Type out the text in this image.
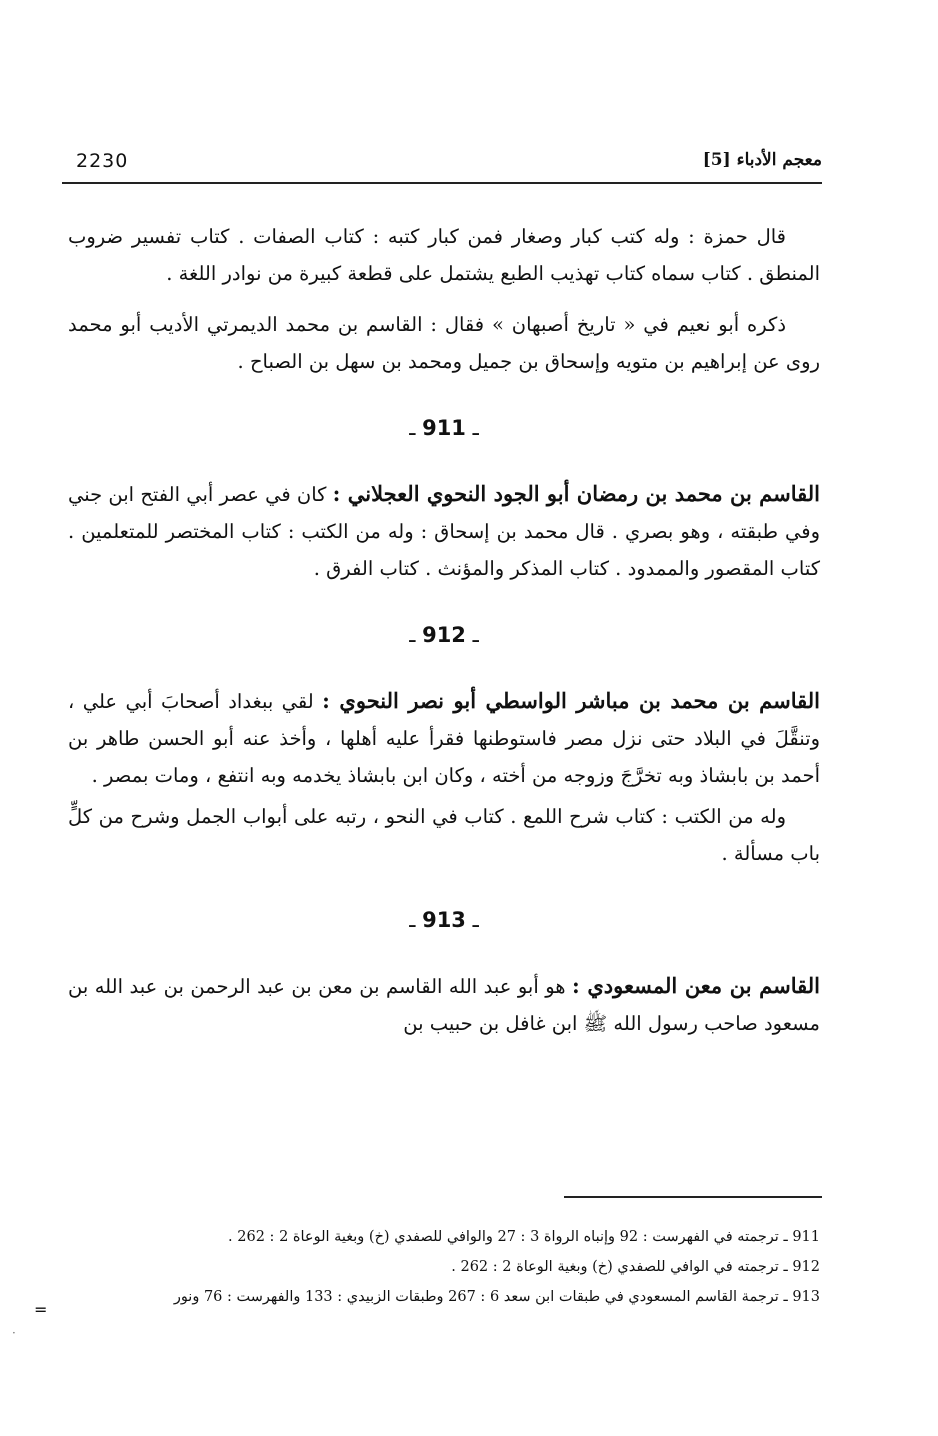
2230	معجم الأدباء [5]

قال حمزة : وله كتب كبار وصغار فمن كبار كتبه : كتاب الصفات . كتاب تفسير ضروب المنطق . كتاب سماه كتاب تهذيب الطبع يشتمل على قطعة كبيرة من نوادر اللغة .

ذكره أبو نعيم في « تاريخ أصبهان » فقال : القاسم بن محمد الديمرتي الأديب أبو محمد روى عن إبراهيم بن متويه وإسحاق بن جميل ومحمد بن سهل بن الصباح .

ـ 911 ـ

القاسم بن محمد بن رمضان أبو الجود النحوي العجلاني : كان في عصر أبي الفتح ابن جني وفي طبقته ، وهو بصري . قال محمد بن إسحاق : وله من الكتب : كتاب المختصر للمتعلمين . كتاب المقصور والممدود . كتاب المذكر والمؤنث . كتاب الفرق .

ـ 912 ـ

القاسم بن محمد بن مباشر الواسطي أبو نصر النحوي : لقي ببغداد أصحابَ أبي علي ، وتنقَّلَ في البلاد حتى نزل مصر فاستوطنها فقرأ عليه أهلها ، وأخذ عنه أبو الحسن طاهر بن أحمد بن بابشاذ وبه تخرَّجَ وزوجه من أخته ، وكان ابن بابشاذ يخدمه وبه انتفع ، ومات بمصر .

وله من الكتب : كتاب شرح اللمع . كتاب في النحو ، رتبه على أبواب الجمل وشرح من كلٍّ باب مسألة .

ـ 913 ـ

القاسم بن معن المسعودي : هو أبو عبد الله القاسم بن معن بن عبد الرحمن بن عبد الله بن مسعود صاحب رسول الله ﷺ ابن غافل بن حبيب بن

911 ـ ترجمته في الفهرست : 92 وإنباه الرواة 3 : 27 والوافي للصفدي (خ) وبغية الوعاة 2 : 262 .
912 ـ ترجمته في الوافي للصفدي (خ) وبغية الوعاة 2 : 262 .
913 ـ ترجمة القاسم المسعودي في طبقات ابن سعد 6 : 267 وطبقات الزبيدي : 133 والفهرست : 76 ونور
=
·
